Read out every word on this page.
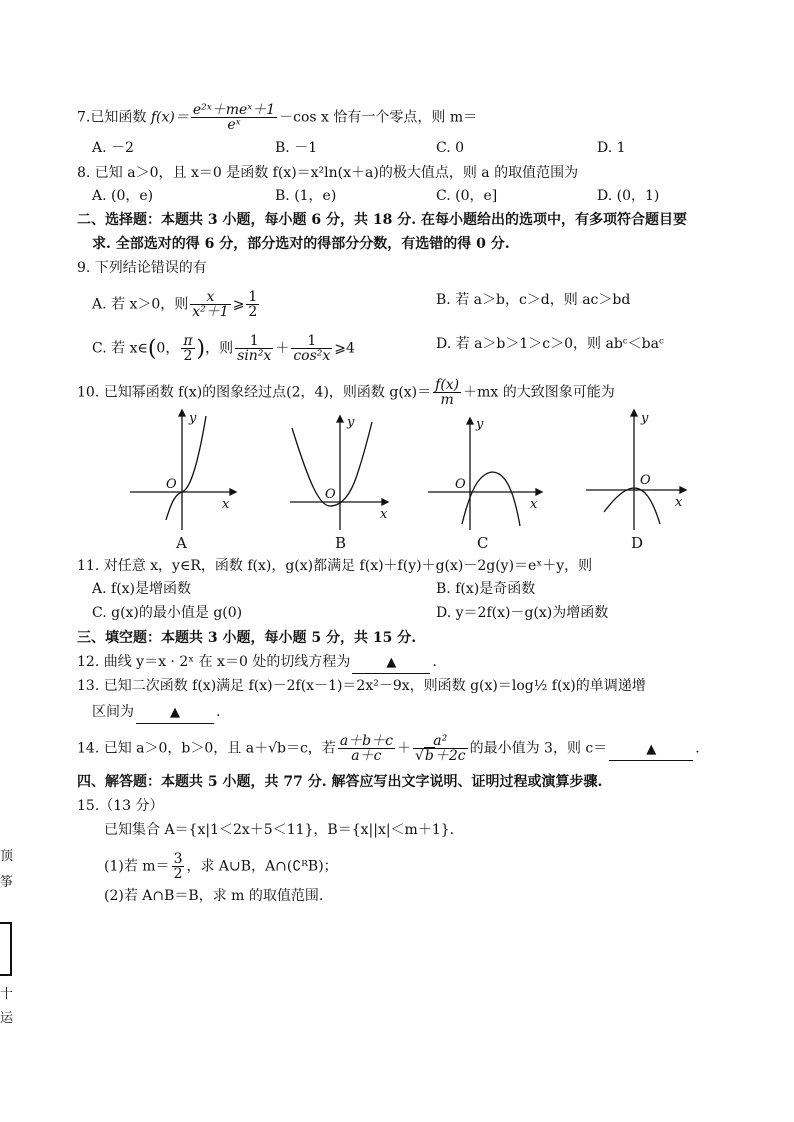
7.已知函数 $f(x)= \frac{\text{e²ˣ＋meˣ＋1}}{\text{eˣ}} -\cos$ x 恰有一个零点，则 m＝
A. －2	B. －1	C. 0	D. 1
8. 已知 a＞0，且 x＝0 是函数 f(x)＝x²ln(x＋a)的极大值点，则 a 的取值范围为
A. (0，e)	B. (1，e)	C. (0，e]	D. (0，1)
二、选择题：本题共 3 小题，每小题 6 分，共 18 分. 在每小题给出的选项中，有多项符合题目要
求. 全部选对的得 6 分，部分选对的得部分分数，有选错的得 0 分.
9. 下列结论错误的有
A. 若 x＞0，则 $\frac{x}{\text{x²＋1}}$ ⩾ $\frac{1}{2}$	B. 若 a＞b，c＞d，则 ac＞bd
C. 若 x∈(0， $\frac{\pi}{2}$ )，则 $\frac{1}{\text{sin²x}} + \frac{1}{\text{cos²x}}$ ⩾4	D. 若 a＞b＞1＞c＞0，则 abᶜ＜baᶜ
10. 已知幂函数 f(x)的图象经过点(2，4)，则函数 $g(x)= \frac{f(x)}{m} +mx$ 的大致图象可能为
y
x
O
y
x
O
y
x
O
y
x
O
A	B	C	D
11. 对任意 x，y∈R，函数 f(x)，g(x)都满足 f(x)＋f(y)＋g(x)－2g(y)＝eˣ＋y，则
A. f(x)是增函数	B. f(x)是奇函数
C. g(x)的最小值是 g(0)	D. y＝2f(x)－g(x)为增函数
三、填空题：本题共 3 小题，每小题 5 分，共 15 分.
12. 曲线 y＝x · 2ˣ 在 x＝0 处的切线方程为	▲	.
13. 已知二次函数 f(x)满足 f(x)－2f(x－1)＝2x²－9x，则函数 g(x)＝log½ f(x)的单调递增
区间为	▲	.
14. 已知 a＞0，b＞0，且 a＋√b＝c，若 $\frac{a+b+c}{a+c} + \frac{\text{a²}}{√b+2c}$ 的最小值为 3，则 c＝	▲	.
四、解答题：本题共 5 小题，共 77 分. 解答应写出文字说明、证明过程或演算步骤.
15.（13 分）
已知集合 A＝{x|1＜2x＋5＜11}，B＝{x||x|＜m＋1}.
(1)若 $m= \frac{3}{2}$ ，求 A∪B，A∩(∁ᴿB)；
(2)若 A∩B＝B，求 m 的取值范围.
顶
筝
十
运
